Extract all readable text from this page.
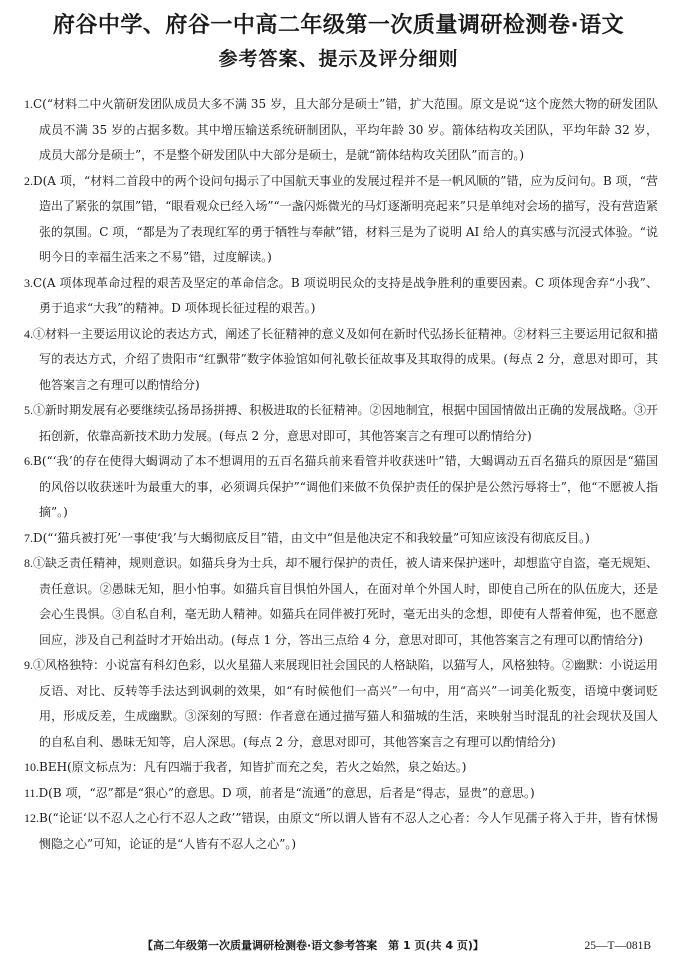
府谷中学、府谷一中高二年级第一次质量调研检测卷·语文
参考答案、提示及评分细则
1.C(“材料二中火箭研发团队成员大多不满 35 岁，且大部分是硕士”错，扩大范围。原文是说“这个庞然大物的研发团队成员不满 35 岁的占据多数。其中增压输送系统研制团队，平均年龄 30 岁。箭体结构攻关团队，平均年龄 32 岁，成员大部分是硕士”，不是整个研发团队中大部分是硕士，是就“箭体结构攻关团队”而言的。)
2.D(A 项，“材料二首段中的两个设问句揭示了中国航天事业的发展过程并不是一帆风顺的”错，应为反问句。B 项，“营造出了紧张的氛围”错，“眼看观众已经入场”“一盏闪烁微光的马灯逐渐明亮起来”只是单纯对会场的描写，没有营造紧张的氛围。C 项，“都是为了表现红军的勇于牺牲与奉献”错，材料三是为了说明 AI 给人的真实感与沉浸式体验。“说明今日的幸福生活来之不易”错，过度解读。)
3.C(A 项体现革命过程的艰苦及坚定的革命信念。B 项说明民众的支持是战争胜利的重要因素。C 项体现舍弃“小我”、勇于追求“大我”的精神。D 项体现长征过程的艰苦。)
4.①材料一主要运用议论的表达方式，阐述了长征精神的意义及如何在新时代弘扬长征精神。②材料三主要运用记叙和描写的表达方式，介绍了贵阳市“红飘带”数字体验馆如何礼敬长征故事及其取得的成果。(每点 2 分，意思对即可，其他答案言之有理可以酌情给分)
5.①新时期发展有必要继续弘扬昂扬拼搏、积极进取的长征精神。②因地制宜，根据中国国情做出正确的发展战略。③开拓创新，依靠高新技术助力发展。(每点 2 分，意思对即可，其他答案言之有理可以酌情给分)
6.B(“‘我’的存在使得大蝎调动了本不想调用的五百名猫兵前来看管并收获迷叶”错，大蝎调动五百名猫兵的原因是“猫国的风俗以收获迷叶为最重大的事，必须调兵保护”“调他们来做不负保护责任的保护是公然污辱将士”，他“不愿被人指摘”。)
7.D(“‘猫兵被打死’一事使‘我’与大蝎彻底反目”错，由文中“但是他决定不和我较量”可知应该没有彻底反目。)
8.①缺乏责任精神，规则意识。如猫兵身为士兵，却不履行保护的责任，被人请来保护迷叶，却想监守自盗，毫无规矩、责任意识。②愚昧无知，胆小怕事。如猫兵盲目惧怕外国人，在面对单个外国人时，即使自己所在的队伍庞大，还是会心生畏惧。③自私自利，毫无助人精神。如猫兵在同伴被打死时，毫无出头的念想，即使有人帮着伸冤，也不愿意回应，涉及自己利益时才开始出动。(每点 1 分，答出三点给 4 分，意思对即可，其他答案言之有理可以酌情给分)
9.①风格独特：小说富有科幻色彩，以火星猫人来展现旧社会国民的人格缺陷，以猫写人，风格独特。②幽默：小说运用反语、对比、反转等手法达到讽刺的效果，如“有时候他们一高兴”一句中，用“高兴”一词美化叛变，语境中褒词贬用，形成反差，生成幽默。③深刻的写照：作者意在通过描写猫人和猫城的生活，来映射当时混乱的社会现状及国人的自私自利、愚昧无知等，启人深思。(每点 2 分，意思对即可，其他答案言之有理可以酌情给分)
10.BEH(原文标点为：凡有四端于我者，知皆扩而充之矣，若火之始然，泉之始达。)
11.D(B 项，“忍”都是“狠心”的意思。D 项，前者是“流通”的意思，后者是“得志，显贵”的意思。)
12.B(“论证‘以不忍人之心行不忍人之政’”错误，由原文“所以谓人皆有不忍人之心者：今人乍见孺子将入于井，皆有怵惕恻隐之心”可知，论证的是“人皆有不忍人之心”。)
【高二年级第一次质量调研检测卷·语文参考答案　第 1 页(共 4 页)】	25—T—081B
